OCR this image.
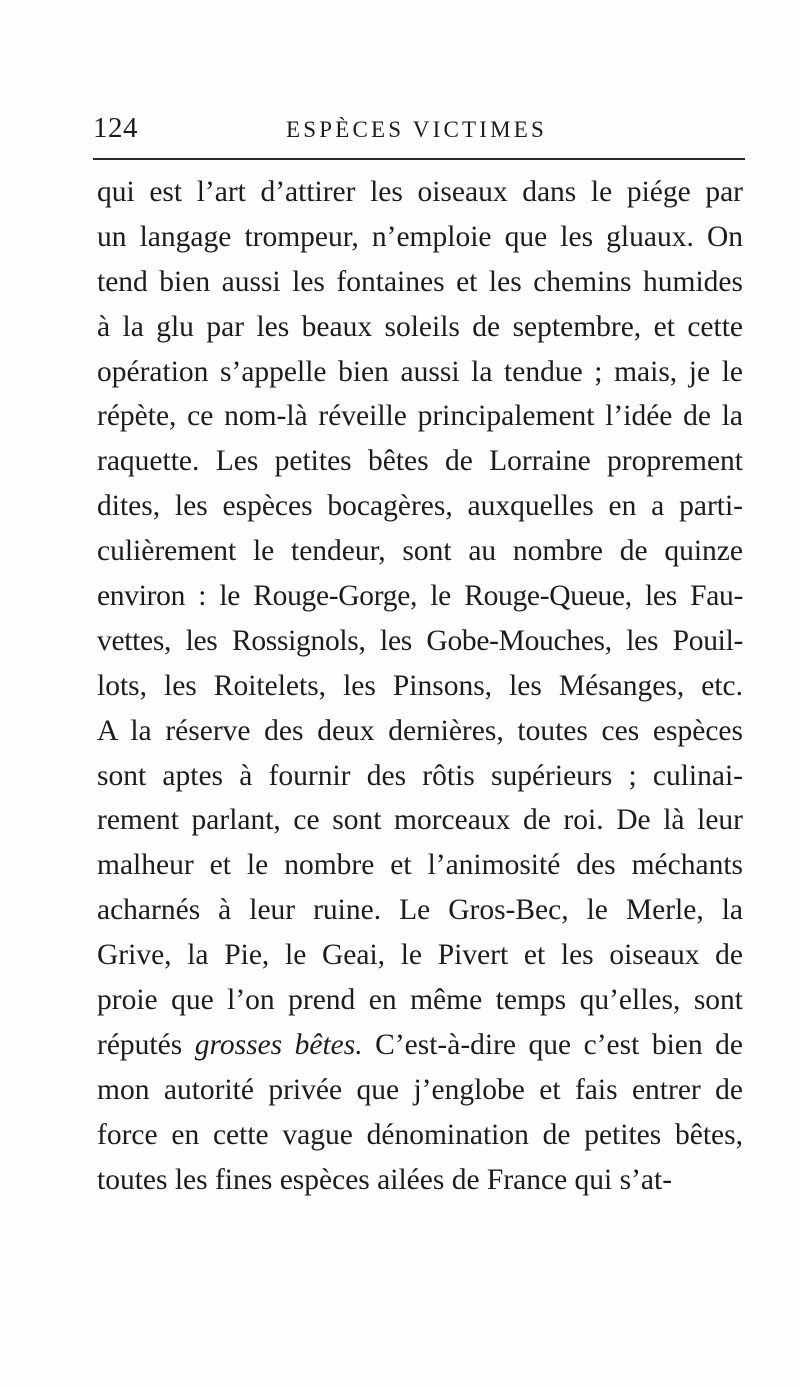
124	ESPÈCES VICTIMES
qui est l’art d’attirer les oiseaux dans le piége par
un langage trompeur, n’emploie que les gluaux. On
tend bien aussi les fontaines et les chemins humides
à la glu par les beaux soleils de septembre, et cette
opération s’appelle bien aussi la tendue ; mais, je le
répète, ce nom-là réveille principalement l’idée de la
raquette. Les petites bêtes de Lorraine proprement
dites, les espèces bocagères, auxquelles en a parti-
culièrement le tendeur, sont au nombre de quinze
environ : le Rouge-Gorge, le Rouge-Queue, les Fau-
vettes, les Rossignols, les Gobe-Mouches, les Pouil-
lots, les Roitelets, les Pinsons, les Mésanges, etc.
A la réserve des deux dernières, toutes ces espèces
sont aptes à fournir des rôtis supérieurs ; culinai-
rement parlant, ce sont morceaux de roi. De là leur
malheur et le nombre et l’animosité des méchants
acharnés à leur ruine. Le Gros-Bec, le Merle, la
Grive, la Pie, le Geai, le Pivert et les oiseaux de
proie que l’on prend en même temps qu’elles, sont
réputés grosses bêtes. C’est-à-dire que c’est bien de
mon autorité privée que j’englobe et fais entrer de
force en cette vague dénomination de petites bêtes,
toutes les fines espèces ailées de France qui s’at-
